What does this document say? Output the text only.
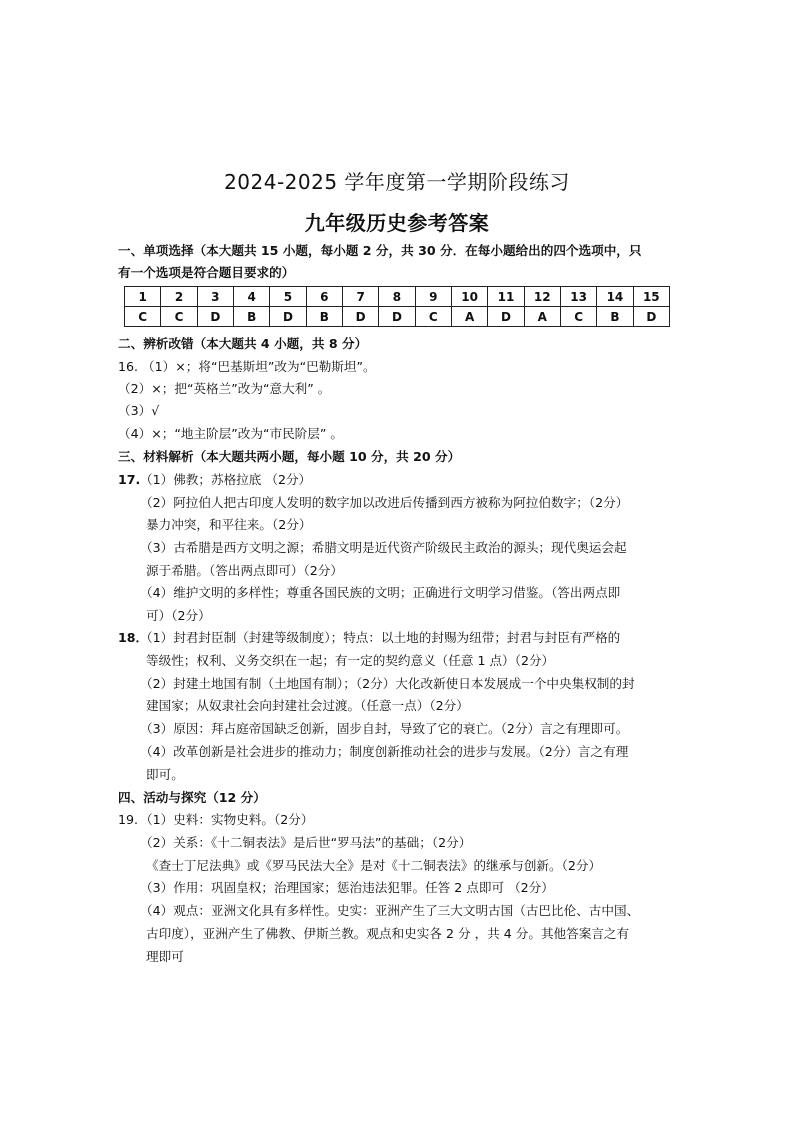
2024-2025 学年度第一学期阶段练习
九年级历史参考答案
一、单项选择（本大题共 15 小题，每小题 2 分，共 30 分．在每小题给出的四个选项中，只
有一个选项是符合题目要求的）
1	2	3	4	5	6	7	8	9	10	11	12	13	14	15
C	C	D	B	D	B	D	D	C	A	D	A	C	B	D
二、辨析改错（本大题共 4 小题，共 8 分）
16. （1）×；将“巴基斯坦”改为“巴勒斯坦”。
（2）×；把“英格兰”改为“意大利” 。
（3）√
（4）×；“地主阶层”改为“市民阶层” 。
三、材料解析（本大题共两小题，每小题 10 分，共 20 分）
17. （1）佛教；苏格拉底 （2分）
（2）阿拉伯人把古印度人发明的数字加以改进后传播到西方被称为阿拉伯数字；（2分）
暴力冲突，和平往来。（2分）
（3）古希腊是西方文明之源；希腊文明是近代资产阶级民主政治的源头；现代奥运会起
源于希腊。（答出两点即可）（2分）
（4）维护文明的多样性；尊重各国民族的文明；正确进行文明学习借鉴。（答出两点即
可）（2分）
18．
（1）封君封臣制（封建等级制度）；特点：以土地的封赐为纽带；封君与封臣有严格的
等级性；权利、义务交织在一起；有一定的契约意义（任意 1 点）（2分）
（2）封建土地国有制（土地国有制）；（2分）大化改新使日本发展成一个中央集权制的封
建国家；从奴隶社会向封建社会过渡。（任意一点）（2分）
（3）原因：拜占庭帝国缺乏创新，固步自封，导致了它的衰亡。（2分）言之有理即可。
（4）改革创新是社会进步的推动力；制度创新推动社会的进步与发展。（2分）言之有理
即可。
四、活动与探究（12 分）
19. （1）史料：实物史料。（2分）
（2）关系：《十二铜表法》是后世“罗马法”的基础；（2分）
《查士丁尼法典》或《罗马民法大全》是对《十二铜表法》的继承与创新。（2分）
（3）作用：巩固皇权；治理国家；惩治违法犯罪。任答 2 点即可 （2分）
（4）观点：亚洲文化具有多样性。史实：亚洲产生了三大文明古国（古巴比伦、古中国、
古印度），亚洲产生了佛教、伊斯兰教。观点和史实各 2 分 ，共 4 分。其他答案言之有
理即可
